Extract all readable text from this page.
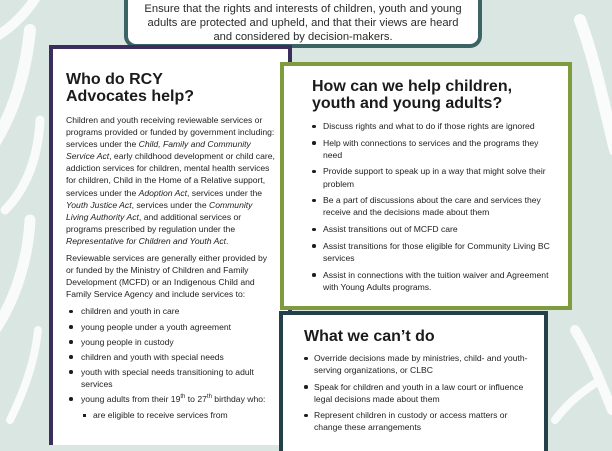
Ensure that the rights and interests of children, youth and young adults are protected and upheld, and that their views are heard and considered by decision-makers.
Who do RCY Advocates help?

Children and youth receiving reviewable services or programs provided or funded by government including: services under the Child, Family and Community Service Act, early childhood development or child care, addiction services for children, mental health services for children, Child in the Home of a Relative support, services under the Adoption Act, services under the Youth Justice Act, services under the Community Living Authority Act, and additional services or programs prescribed by regulation under the Representative for Children and Youth Act.

Reviewable services are generally either provided by or funded by the Ministry of Children and Family Development (MCFD) or an Indigenous Child and Family Service Agency and include services to:

children and youth in care
young people under a youth agreement
young people in custody
children and youth with special needs
youth with special needs transitioning to adult services
young adults from their 19th to 27th birthday who:
are eligible to receive services from
How can we help children, youth and young adults?
Discuss rights and what to do if those rights are ignored
Help with connections to services and the programs they need
Provide support to speak up in a way that might solve their problem
Be a part of discussions about the care and services they receive and the decisions made about them
Assist transitions out of MCFD care
Assist transitions for those eligible for Community Living BC services
Assist in connections with the tuition waiver and Agreement with Young Adults programs.
What we can’t do
Override decisions made by ministries, child- and youth-serving organizations, or CLBC
Speak for children and youth in a law court or influence legal decisions made about them
Represent children in custody or access matters or change these arrangements
